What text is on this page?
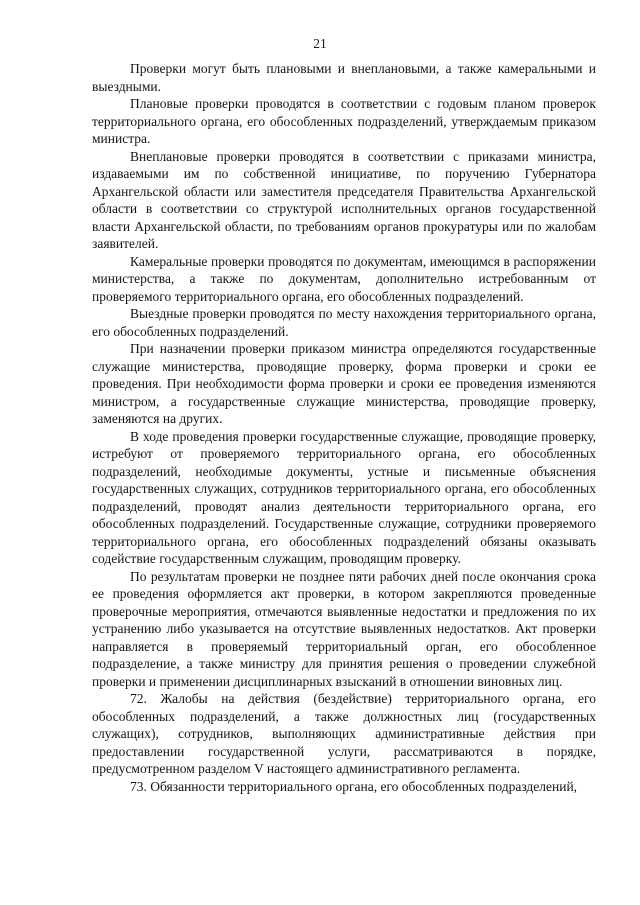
21

Проверки могут быть плановыми и внеплановыми, а также камеральными и выездными.

Плановые проверки проводятся в соответствии с годовым планом проверок территориального органа, его обособленных подразделений, утверждаемым приказом министра.

Внеплановые проверки проводятся в соответствии с приказами министра, издаваемыми им по собственной инициативе, по поручению Губернатора Архангельской области или заместителя председателя Правительства Архангельской области в соответствии со структурой исполнительных органов государственной власти Архангельской области, по требованиям органов прокуратуры или по жалобам заявителей.

Камеральные проверки проводятся по документам, имеющимся в распоряжении министерства, а также по документам, дополнительно истребованным от проверяемого территориального органа, его обособленных подразделений.

Выездные проверки проводятся по месту нахождения территориального органа, его обособленных подразделений.

При назначении проверки приказом министра определяются государственные служащие министерства, проводящие проверку, форма проверки и сроки ее проведения. При необходимости форма проверки и сроки ее проведения изменяются министром, а государственные служащие министерства, проводящие проверку, заменяются на других.

В ходе проведения проверки государственные служащие, проводящие проверку, истребуют от проверяемого территориального органа, его обособленных подразделений, необходимые документы, устные и письменные объяснения государственных служащих, сотрудников территориального органа, его обособленных подразделений, проводят анализ деятельности территориального органа, его обособленных подразделений. Государственные служащие, сотрудники проверяемого территориального органа, его обособленных подразделений обязаны оказывать содействие государственным служащим, проводящим проверку.

По результатам проверки не позднее пяти рабочих дней после окончания срока ее проведения оформляется акт проверки, в котором закрепляются проведенные проверочные мероприятия, отмечаются выявленные недостатки и предложения по их устранению либо указывается на отсутствие выявленных недостатков. Акт проверки направляется в проверяемый территориальный орган, его обособленное подразделение, а также министру для принятия решения о проведении служебной проверки и применении дисциплинарных взысканий в отношении виновных лиц.

72. Жалобы на действия (бездействие) территориального органа, его обособленных подразделений, а также должностных лиц (государственных служащих), сотрудников, выполняющих административные действия при предоставлении государственной услуги, рассматриваются в порядке, предусмотренном разделом V настоящего административного регламента.

73. Обязанности территориального органа, его обособленных подразделений,
